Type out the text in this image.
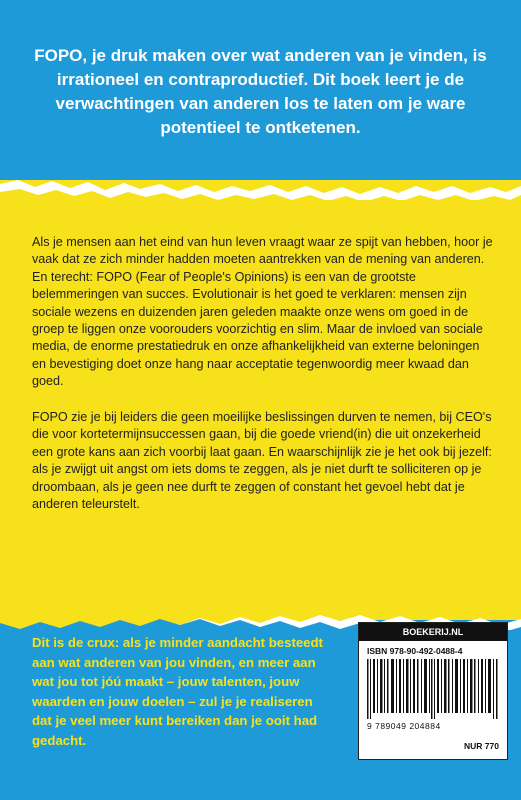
FOPO, je druk maken over wat anderen van je vinden, is irrationeel en contraproductief. Dit boek leert je de verwachtingen van anderen los te laten om je ware potentieel te ontketenen.

Als je mensen aan het eind van hun leven vraagt waar ze spijt van hebben, hoor je vaak dat ze zich minder hadden moeten aantrekken van de mening van anderen. En terecht: FOPO (Fear of People's Opinions) is een van de grootste belemmeringen van succes. Evolutionair is het goed te verklaren: mensen zijn sociale wezens en duizenden jaren geleden maakte onze wens om goed in de groep te liggen onze voorouders voorzichtig en slim. Maar de invloed van sociale media, de enorme prestatiedruk en onze afhankelijkheid van externe beloningen en bevestiging doet onze hang naar acceptatie tegenwoordig meer kwaad dan goed.

FOPO zie je bij leiders die geen moeilijke beslissingen durven te nemen, bij CEO's die voor kortetermijnsuccessen gaan, bij die goede vriend(in) die uit onzekerheid een grote kans aan zich voorbij laat gaan. En waarschijnlijk zie je het ook bij jezelf: als je zwijgt uit angst om iets doms te zeggen, als je niet durft te solliciteren op je droombaan, als je geen nee durft te zeggen of constant het gevoel hebt dat je anderen teleurstelt.

Dit is de crux: als je minder aandacht besteedt aan wat anderen van jou vinden, en meer aan wat jou tot jóú maakt – jouw talenten, jouw waarden en jouw doelen – zul je je realiseren dat je veel meer kunt bereiken dan je ooit had gedacht.

BOEKERIJ.NL

ISBN 978-90-492-0488-4

9 789049 204884

NUR 770
